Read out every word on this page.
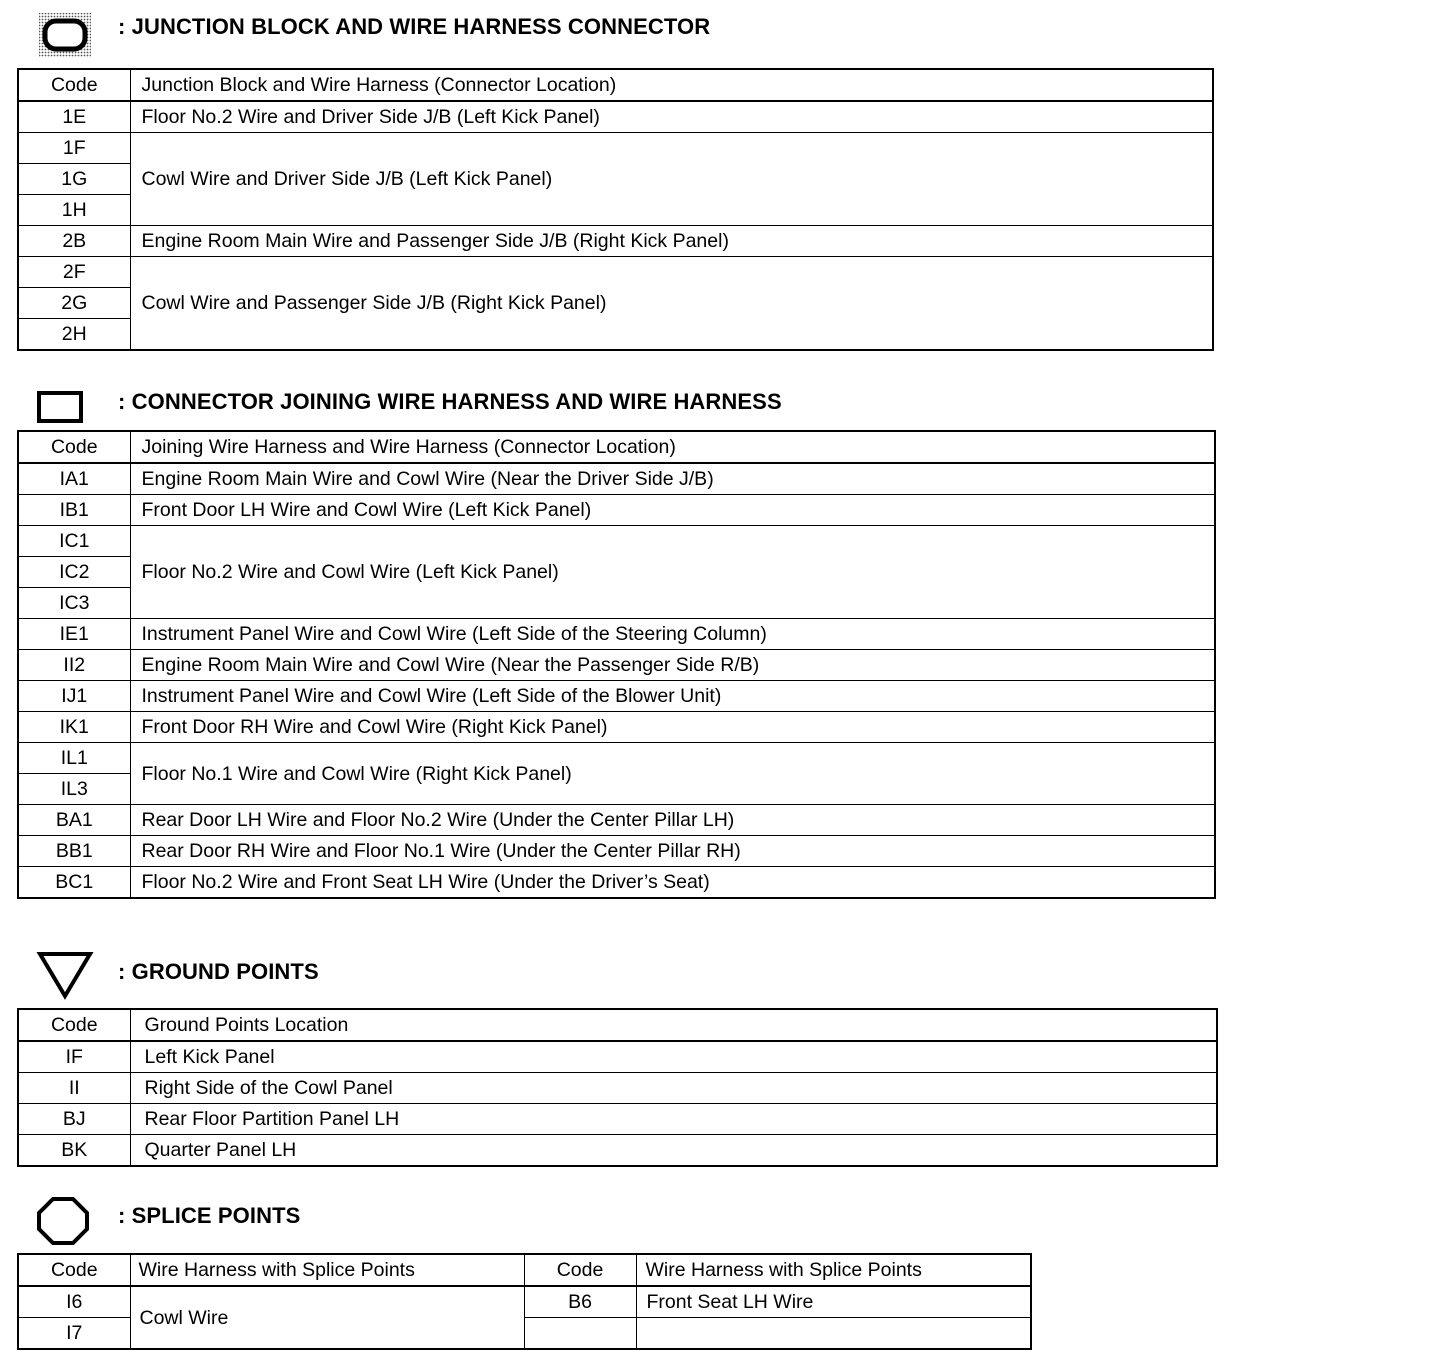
: JUNCTION BLOCK AND WIRE HARNESS CONNECTOR
Code	Junction Block and Wire Harness (Connector Location)
1E	Floor No.2 Wire and Driver Side J/B (Left Kick Panel)
1F	Cowl Wire and Driver Side J/B (Left Kick Panel)
1G	
1H	
2B	Engine Room Main Wire and Passenger Side J/B (Right Kick Panel)
2F	Cowl Wire and Passenger Side J/B (Right Kick Panel)
2G	
2H	
: CONNECTOR JOINING WIRE HARNESS AND WIRE HARNESS
Code	Joining Wire Harness and Wire Harness (Connector Location)
IA1	Engine Room Main Wire and Cowl Wire (Near the Driver Side J/B)
IB1	Front Door LH Wire and Cowl Wire (Left Kick Panel)
IC1	Floor No.2 Wire and Cowl Wire (Left Kick Panel)
IC2	
IC3	
IE1	Instrument Panel Wire and Cowl Wire (Left Side of the Steering Column)
II2	Engine Room Main Wire and Cowl Wire (Near the Passenger Side R/B)
IJ1	Instrument Panel Wire and Cowl Wire (Left Side of the Blower Unit)
IK1	Front Door RH Wire and Cowl Wire (Right Kick Panel)
IL1	Floor No.1 Wire and Cowl Wire (Right Kick Panel)
IL3	
BA1	Rear Door LH Wire and Floor No.2 Wire (Under the Center Pillar LH)
BB1	Rear Door RH Wire and Floor No.1 Wire (Under the Center Pillar RH)
BC1	Floor No.2 Wire and Front Seat LH Wire (Under the Driver’s Seat)
: GROUND POINTS
Code	Ground Points Location
IF	Left Kick Panel
II	Right Side of the Cowl Panel
BJ	Rear Floor Partition Panel LH
BK	Quarter Panel LH
: SPLICE POINTS
Code	Wire Harness with Splice Points	Code	Wire Harness with Splice Points
I6	Cowl Wire	B6	Front Seat LH Wire
I7			
